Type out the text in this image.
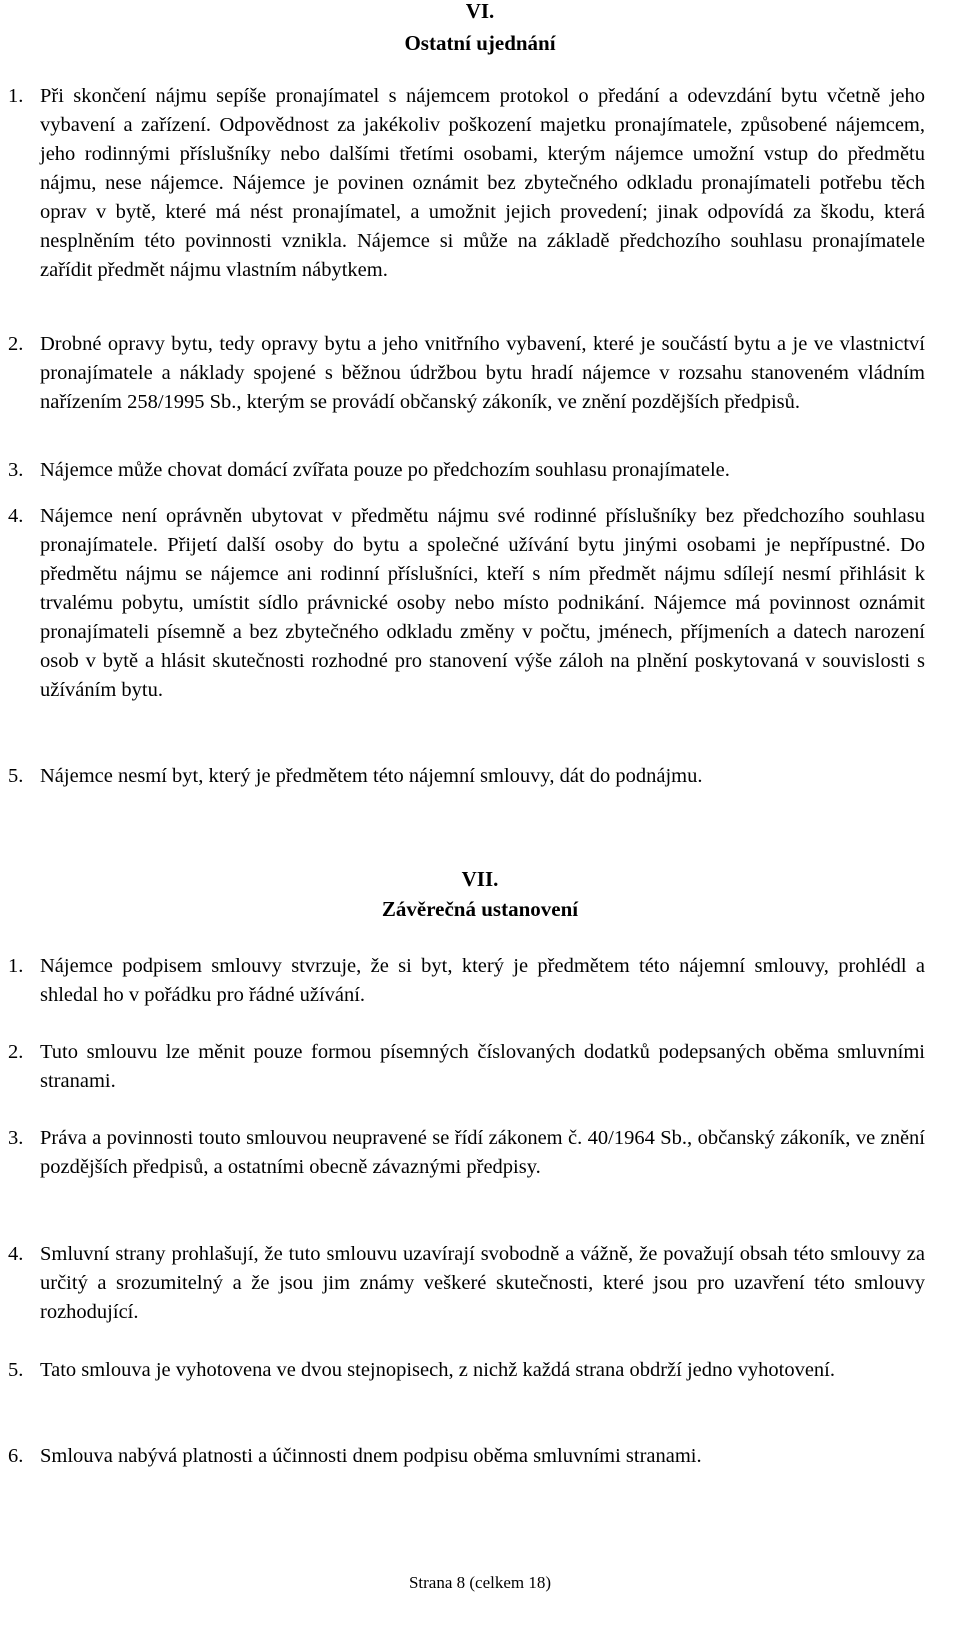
VI.
Ostatní ujednání
1. Při skončení nájmu sepíše pronajímatel s nájemcem protokol o předání a odevzdání bytu včetně jeho vybavení a zařízení. Odpovědnost za jakékoliv poškození majetku pronajímatele, způsobené nájemcem, jeho rodinnými příslušníky nebo dalšími třetími osobami, kterým nájemce umožní vstup do předmětu nájmu, nese nájemce. Nájemce je povinen oznámit bez zbytečného odkladu pronajímateli potřebu těch oprav v bytě, které má nést pronajímatel, a umožnit jejich provedení; jinak odpovídá za škodu, která nesplněním této povinnosti vznikla. Nájemce si může na základě předchozího souhlasu pronajímatele zařídit předmět nájmu vlastním nábytkem.
2. Drobné opravy bytu, tedy opravy bytu a jeho vnitřního vybavení, které je součástí bytu a je ve vlastnictví pronajímatele a náklady spojené s běžnou údržbou bytu hradí nájemce v rozsahu stanoveném vládním nařízením 258/1995 Sb., kterým se provádí občanský zákoník, ve znění pozdějších předpisů.
3. Nájemce může chovat domácí zvířata pouze po předchozím souhlasu pronajímatele.
4. Nájemce není oprávněn ubytovat v předmětu nájmu své rodinné příslušníky bez předchozího souhlasu pronajímatele. Přijetí další osoby do bytu a společné užívání bytu jinými osobami je nepřípustné. Do předmětu nájmu se nájemce ani rodinní příslušníci, kteří s ním předmět nájmu sdílejí nesmí přihlásit k trvalému pobytu, umístit sídlo právnické osoby nebo místo podnikání. Nájemce má povinnost oznámit pronajímateli písemně a bez zbytečného odkladu změny v počtu, jménech, příjmeních a datech narození osob v bytě a hlásit skutečnosti rozhodné pro stanovení výše záloh na plnění poskytovaná v souvislosti s užíváním bytu.
5. Nájemce nesmí byt, který je předmětem této nájemní smlouvy, dát do podnájmu.
VII.
Závěrečná ustanovení
1. Nájemce podpisem smlouvy stvrzuje, že si byt, který je předmětem této nájemní smlouvy, prohlédl a shledal ho v pořádku pro řádné užívání.
2. Tuto smlouvu lze měnit pouze formou písemných číslovaných dodatků podepsaných oběma smluvními stranami.
3. Práva a povinnosti touto smlouvou neupravené se řídí zákonem č. 40/1964 Sb., občanský zákoník, ve znění pozdějších předpisů, a ostatními obecně závaznými předpisy.
4. Smluvní strany prohlašují, že tuto smlouvu uzavírají svobodně a vážně, že považují obsah této smlouvy za určitý a srozumitelný a že jsou jim známy veškeré skutečnosti, které jsou pro uzavření této smlouvy rozhodující.
5. Tato smlouva je vyhotovena ve dvou stejnopisech, z nichž každá strana obdrží jedno vyhotovení.
6. Smlouva nabývá platnosti a účinnosti dnem podpisu oběma smluvními stranami.
Strana 8 (celkem 18)
